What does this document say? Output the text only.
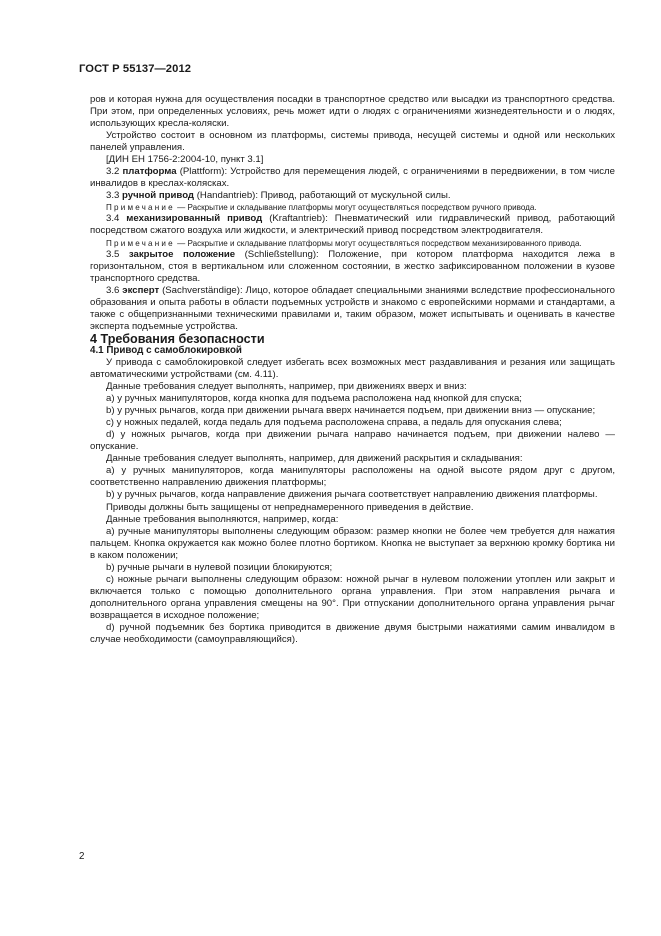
ГОСТ Р 55137—2012

ров и которая нужна для осуществления посадки в транспортное средство или высадки из транспортного средства. При этом, при определенных условиях, речь может идти о людях с ограничениями жизнедеятельности и о людях, использующих кресла-коляски.

Устройство состоит в основном из платформы, системы привода, несущей системы и одной или нескольких панелей управления.

[ДИН ЕН 1756-2:2004-10, пункт 3.1]

3.2 платформа (Plattform): Устройство для перемещения людей, с ограничениями в передвижении, в том числе инвалидов в креслах-колясках.

3.3 ручной привод (Handantrieb): Привод, работающий от мускульной силы.

Примечание — Раскрытие и складывание платформы могут осуществляться посредством ручного привода.

3.4 механизированный привод (Kraftantrieb): Пневматический или гидравлический привод, работающий посредством сжатого воздуха или жидкости, и электрический привод посредством электродвигателя.

Примечание — Раскрытие и складывание платформы могут осуществляться посредством механизированного привода.

3.5 закрытое положение (Schließstellung): Положение, при котором платформа находится лежа в горизонтальном, стоя в вертикальном или сложенном состоянии, в жестко зафиксированном положении в кузове транспортного средства.

3.6 эксперт (Sachverständige): Лицо, которое обладает специальными знаниями вследствие профессионального образования и опыта работы в области подъемных устройств и знакомо с европейскими нормами и стандартами, а также с общепризнанными техническими правилами и, таким образом, может испытывать и оценивать в качестве эксперта подъемные устройства.

4 Требования безопасности

4.1 Привод с самоблокировкой

У привода с самоблокировкой следует избегать всех возможных мест раздавливания и резания или защищать автоматическими устройствами (см. 4.11).

Данные требования следует выполнять, например, при движениях вверх и вниз:

а) у ручных манипуляторов, когда кнопка для подъема расположена над кнопкой для спуска;

b) у ручных рычагов, когда при движении рычага вверх начинается подъем, при движении вниз — опускание;

с) у ножных педалей, когда педаль для подъема расположена справа, а педаль для опускания слева;

d) у ножных рычагов, когда при движении рычага направо начинается подъем, при движении налево — опускание.

Данные требования следует выполнять, например, для движений раскрытия и складывания:

а) у ручных манипуляторов, когда манипуляторы расположены на одной высоте рядом друг с другом, соответственно направлению движения платформы;

b) у ручных рычагов, когда направление движения рычага соответствует направлению движения платформы.

Приводы должны быть защищены от непреднамеренного приведения в действие.

Данные требования выполняются, например, когда:

а) ручные манипуляторы выполнены следующим образом: размер кнопки не более чем требуется для нажатия пальцем. Кнопка окружается как можно более плотно бортиком. Кнопка не выступает за верхнюю кромку бортика ни в каком положении;

b) ручные рычаги в нулевой позиции блокируются;

с) ножные рычаги выполнены следующим образом: ножной рычаг в нулевом положении утоплен или закрыт и включается только с помощью дополнительного органа управления. При этом направления рычага и дополнительного органа управления смещены на 90°. При отпускании дополнительного органа управления рычаг возвращается в исходное положение;

d) ручной подъемник без бортика приводится в движение двумя быстрыми нажатиями самим инвалидом в случае необходимости (самоуправляющийся).

2
